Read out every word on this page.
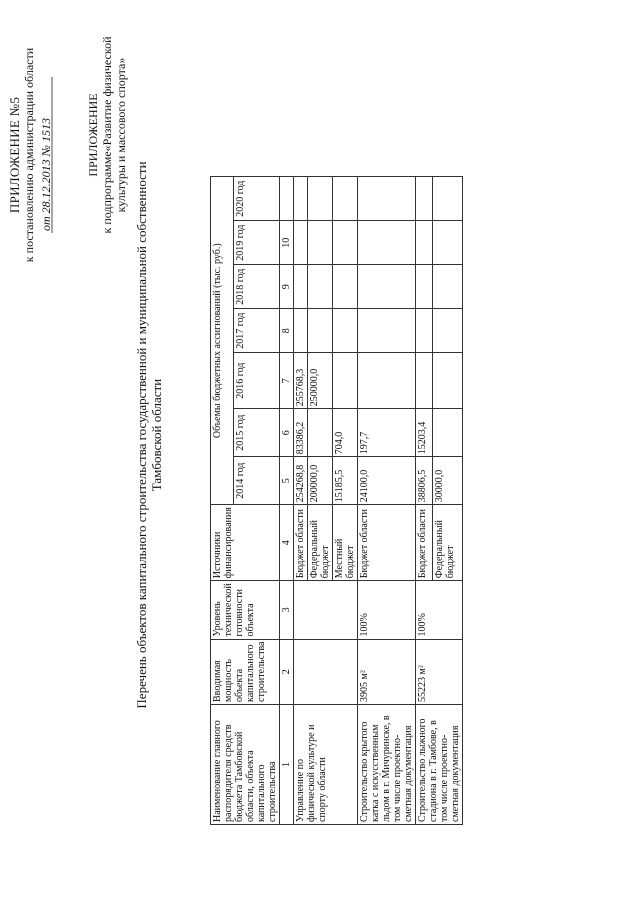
ПРИЛОЖЕНИЕ №5 к постановлению администрации области от 28.12.2013 № 1513	ПРИЛОЖЕНИЕ к подпрограмме«Развитие физической культуры и массового спорта»
Перечень объектов капитального строительства государственной и муниципальной собственности Тамбовской области
Наименование главного распорядителя средств бюджета Тамбовской области, объекта капитального строительства	Вводимая мощность объекта капитального строительства	Уровень технической готовности объекта	Источники финансирования	Объемы бюджетных ассигнований (тыс. руб.)						
				2014 год	2015 год	2016 год	2017 год	2018 год	2019 год	2020 год
1	2	3	4	5	6	7	8	9	10	
Управление по физической культуре и спорту области			Бюджет области	254268,8	83386,2	255768,3				
			Федеральный бюджет	200000,0		250000,0				
			Местный бюджет	15185,5	704,0					
Строительство крытого катка с искусственным льдом в г. Мичуринске, в том числе проектно-сметная документация	3905 м²	100%	Бюджет области	24100,0	197,7					
Строительство лыжного стадиона в г. Тамбове, в том числе проектно-сметная документация	55223 м²	100%	Бюджет области	38806,5	15203,4					
			Федеральный бюджет	30000,0						
